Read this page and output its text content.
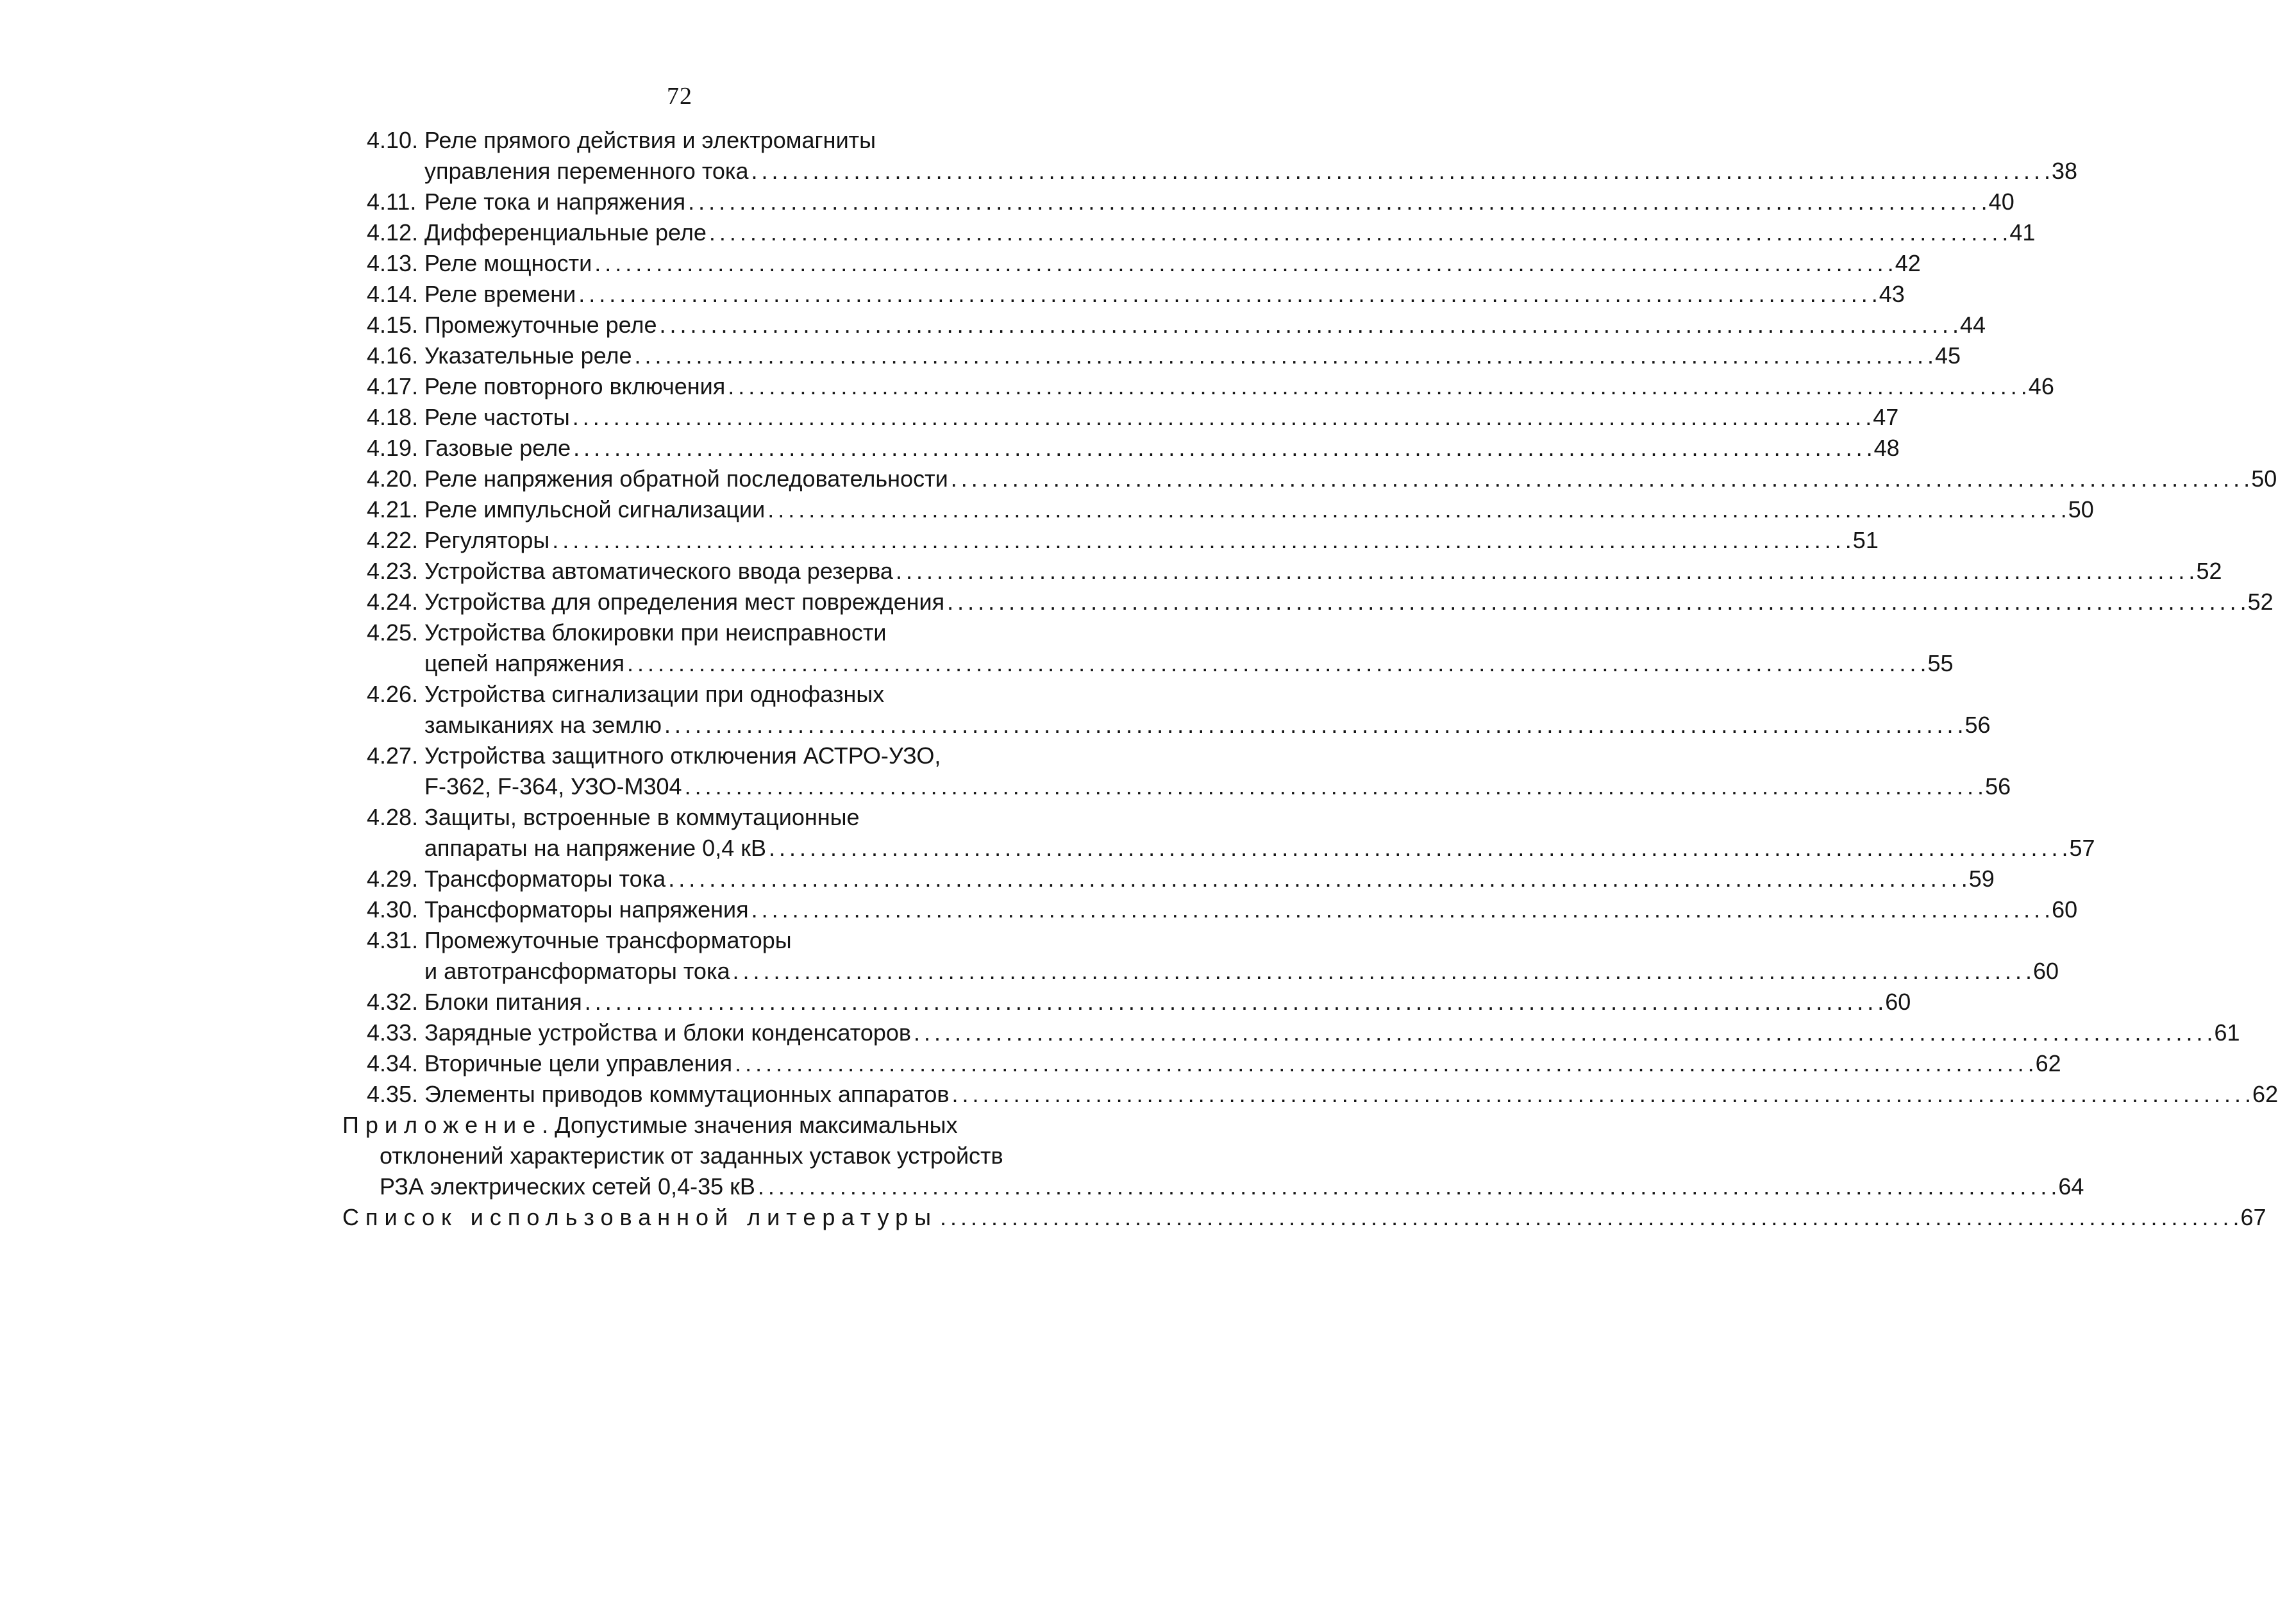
72
4.10. Реле прямого действия и электромагниты
управления переменного тока . . .	38
4.11. Реле тока и напряжения . . .	40
4.12. Дифференциальные реле . . .	41
4.13. Реле мощности . . .	42
4.14. Реле времени . . .	43
4.15. Промежуточные реле . . .	44
4.16. Указательные реле . . .	45
4.17. Реле повторного включения . . .	46
4.18. Реле частоты . . .	47
4.19. Газовые реле . . .	48
4.20. Реле напряжения обратной последовательности . . .	50
4.21. Реле импульсной сигнализации . . .	50
4.22. Регуляторы . . .	51
4.23. Устройства автоматического ввода резерва . . .	52
4.24. Устройства для определения мест повреждения . . .	52
4.25. Устройства блокировки при неисправности
цепей напряжения . . .	55
4.26. Устройства сигнализации при однофазных
замыканиях на землю . . .	56
4.27. Устройства защитного отключения АСТРО-УЗО,
F-362, F-364, УЗО-М304 . . .	56
4.28. Защиты, встроенные в коммутационные
аппараты на напряжение 0,4 кВ . . .	57
4.29. Трансформаторы тока . . .	59
4.30. Трансформаторы напряжения . . .	60
4.31. Промежуточные трансформаторы
и автотрансформаторы тока . . .	60
4.32. Блоки питания . . .	60
4.33. Зарядные устройства и блоки конденсаторов . . .	61
4.34. Вторичные цели управления . . .	62
4.35. Элементы приводов коммутационных аппаратов . . .	62
Приложение . Допустимые значения максимальных
отклонений характеристик от заданных уставок устройств
РЗА электрических сетей 0,4-35 кВ . . .	64
Список использованной литературы . . .	67
